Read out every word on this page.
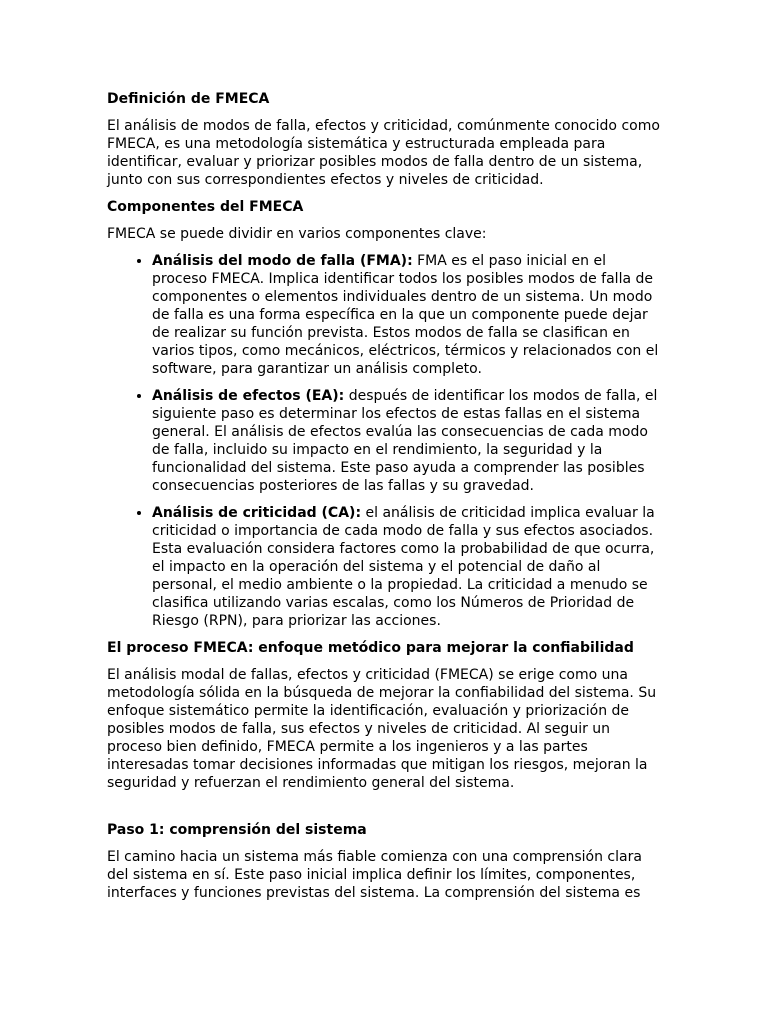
Definición de FMECA

El análisis de modos de falla, efectos y criticidad, comúnmente conocido como FMECA, es una metodología sistemática y estructurada empleada para identificar, evaluar y priorizar posibles modos de falla dentro de un sistema, junto con sus correspondientes efectos y niveles de criticidad.

Componentes del FMECA

FMECA se puede dividir en varios componentes clave:

• Análisis del modo de falla (FMA): FMA es el paso inicial en el proceso FMECA. Implica identificar todos los posibles modos de falla de componentes o elementos individuales dentro de un sistema. Un modo de falla es una forma específica en la que un componente puede dejar de realizar su función prevista. Estos modos de falla se clasifican en varios tipos, como mecánicos, eléctricos, térmicos y relacionados con el software, para garantizar un análisis completo.
• Análisis de efectos (EA): después de identificar los modos de falla, el siguiente paso es determinar los efectos de estas fallas en el sistema general. El análisis de efectos evalúa las consecuencias de cada modo de falla, incluido su impacto en el rendimiento, la seguridad y la funcionalidad del sistema. Este paso ayuda a comprender las posibles consecuencias posteriores de las fallas y su gravedad.
• Análisis de criticidad (CA): el análisis de criticidad implica evaluar la criticidad o importancia de cada modo de falla y sus efectos asociados. Esta evaluación considera factores como la probabilidad de que ocurra, el impacto en la operación del sistema y el potencial de daño al personal, el medio ambiente o la propiedad. La criticidad a menudo se clasifica utilizando varias escalas, como los Números de Prioridad de Riesgo (RPN), para priorizar las acciones.
El proceso FMECA: enfoque metódico para mejorar la confiabilidad

El análisis modal de fallas, efectos y criticidad (FMECA) se erige como una metodología sólida en la búsqueda de mejorar la confiabilidad del sistema. Su enfoque sistemático permite la identificación, evaluación y priorización de posibles modos de falla, sus efectos y niveles de criticidad. Al seguir un proceso bien definido, FMECA permite a los ingenieros y a las partes interesadas tomar decisiones informadas que mitigan los riesgos, mejoran la seguridad y refuerzan el rendimiento general del sistema.

Paso 1: comprensión del sistema

El camino hacia un sistema más fiable comienza con una comprensión clara del sistema en sí. Este paso inicial implica definir los límites, componentes, interfaces y funciones previstas del sistema. La comprensión del sistema es
